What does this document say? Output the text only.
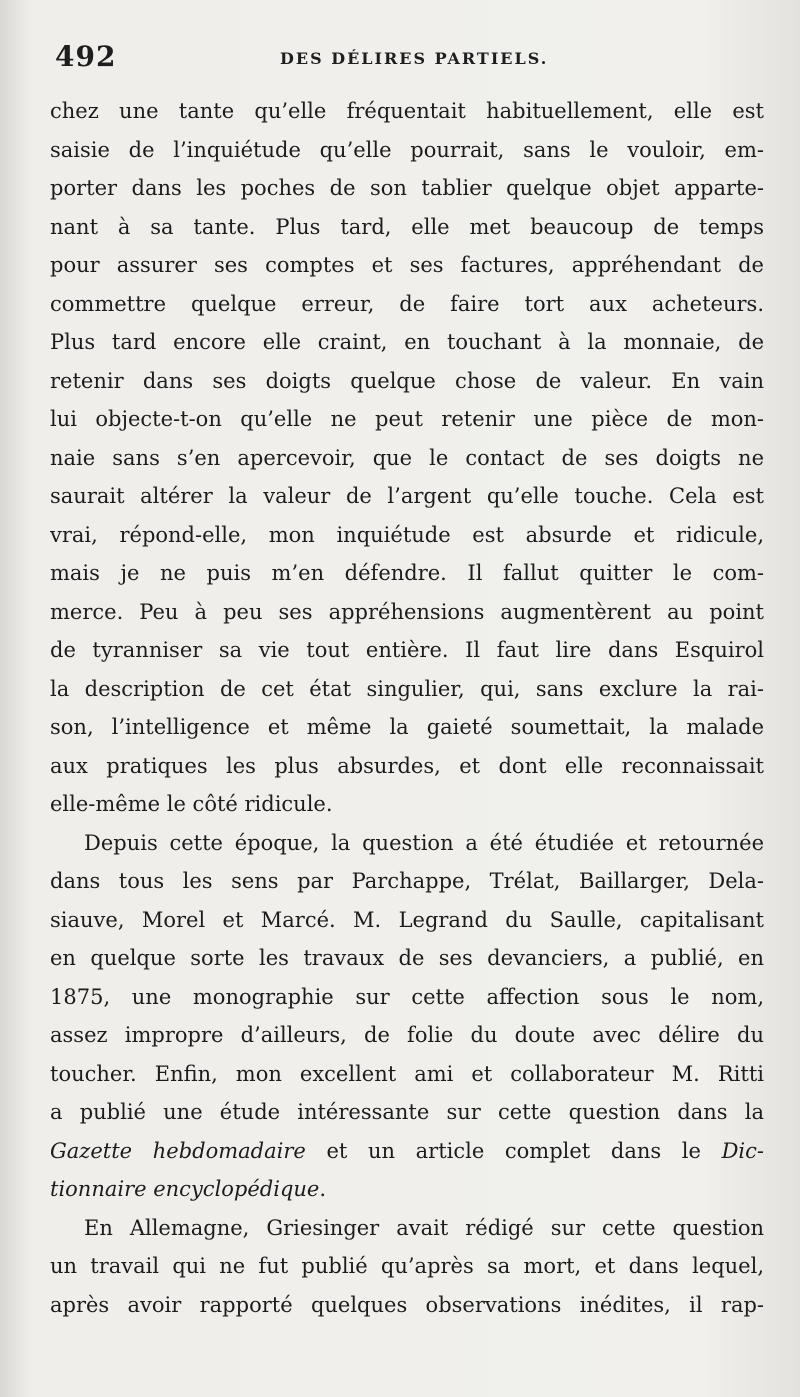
492	DES DÉLIRES PARTIELS.
chez une tante qu’elle fréquentait habituellement, elle est
saisie de l’inquiétude qu’elle pourrait, sans le vouloir, em-
porter dans les poches de son tablier quelque objet apparte-
nant à sa tante. Plus tard, elle met beaucoup de temps
pour assurer ses comptes et ses factures, appréhendant de
commettre quelque erreur, de faire tort aux acheteurs.
Plus tard encore elle craint, en touchant à la monnaie, de
retenir dans ses doigts quelque chose de valeur. En vain
lui objecte-t-on qu’elle ne peut retenir une pièce de mon-
naie sans s’en apercevoir, que le contact de ses doigts ne
saurait altérer la valeur de l’argent qu’elle touche. Cela est
vrai, répond-elle, mon inquiétude est absurde et ridicule,
mais je ne puis m’en défendre. Il fallut quitter le com-
merce. Peu à peu ses appréhensions augmentèrent au point
de tyranniser sa vie tout entière. Il faut lire dans Esquirol
la description de cet état singulier, qui, sans exclure la rai-
son, l’intelligence et même la gaieté soumettait, la malade
aux pratiques les plus absurdes, et dont elle reconnaissait
elle-même le côté ridicule.
Depuis cette époque, la question a été étudiée et retournée
dans tous les sens par Parchappe, Trélat, Baillarger, Dela-
siauve, Morel et Marcé. M. Legrand du Saulle, capitalisant
en quelque sorte les travaux de ses devanciers, a publié, en
1875, une monographie sur cette affection sous le nom,
assez impropre d’ailleurs, de folie du doute avec délire du
toucher. Enfin, mon excellent ami et collaborateur M. Ritti
a publié une étude intéressante sur cette question dans la
Gazette hebdomadaire et un article complet dans le Dic-
tionnaire encyclopédique.
En Allemagne, Griesinger avait rédigé sur cette question
un travail qui ne fut publié qu’après sa mort, et dans lequel,
après avoir rapporté quelques observations inédites, il rap-
